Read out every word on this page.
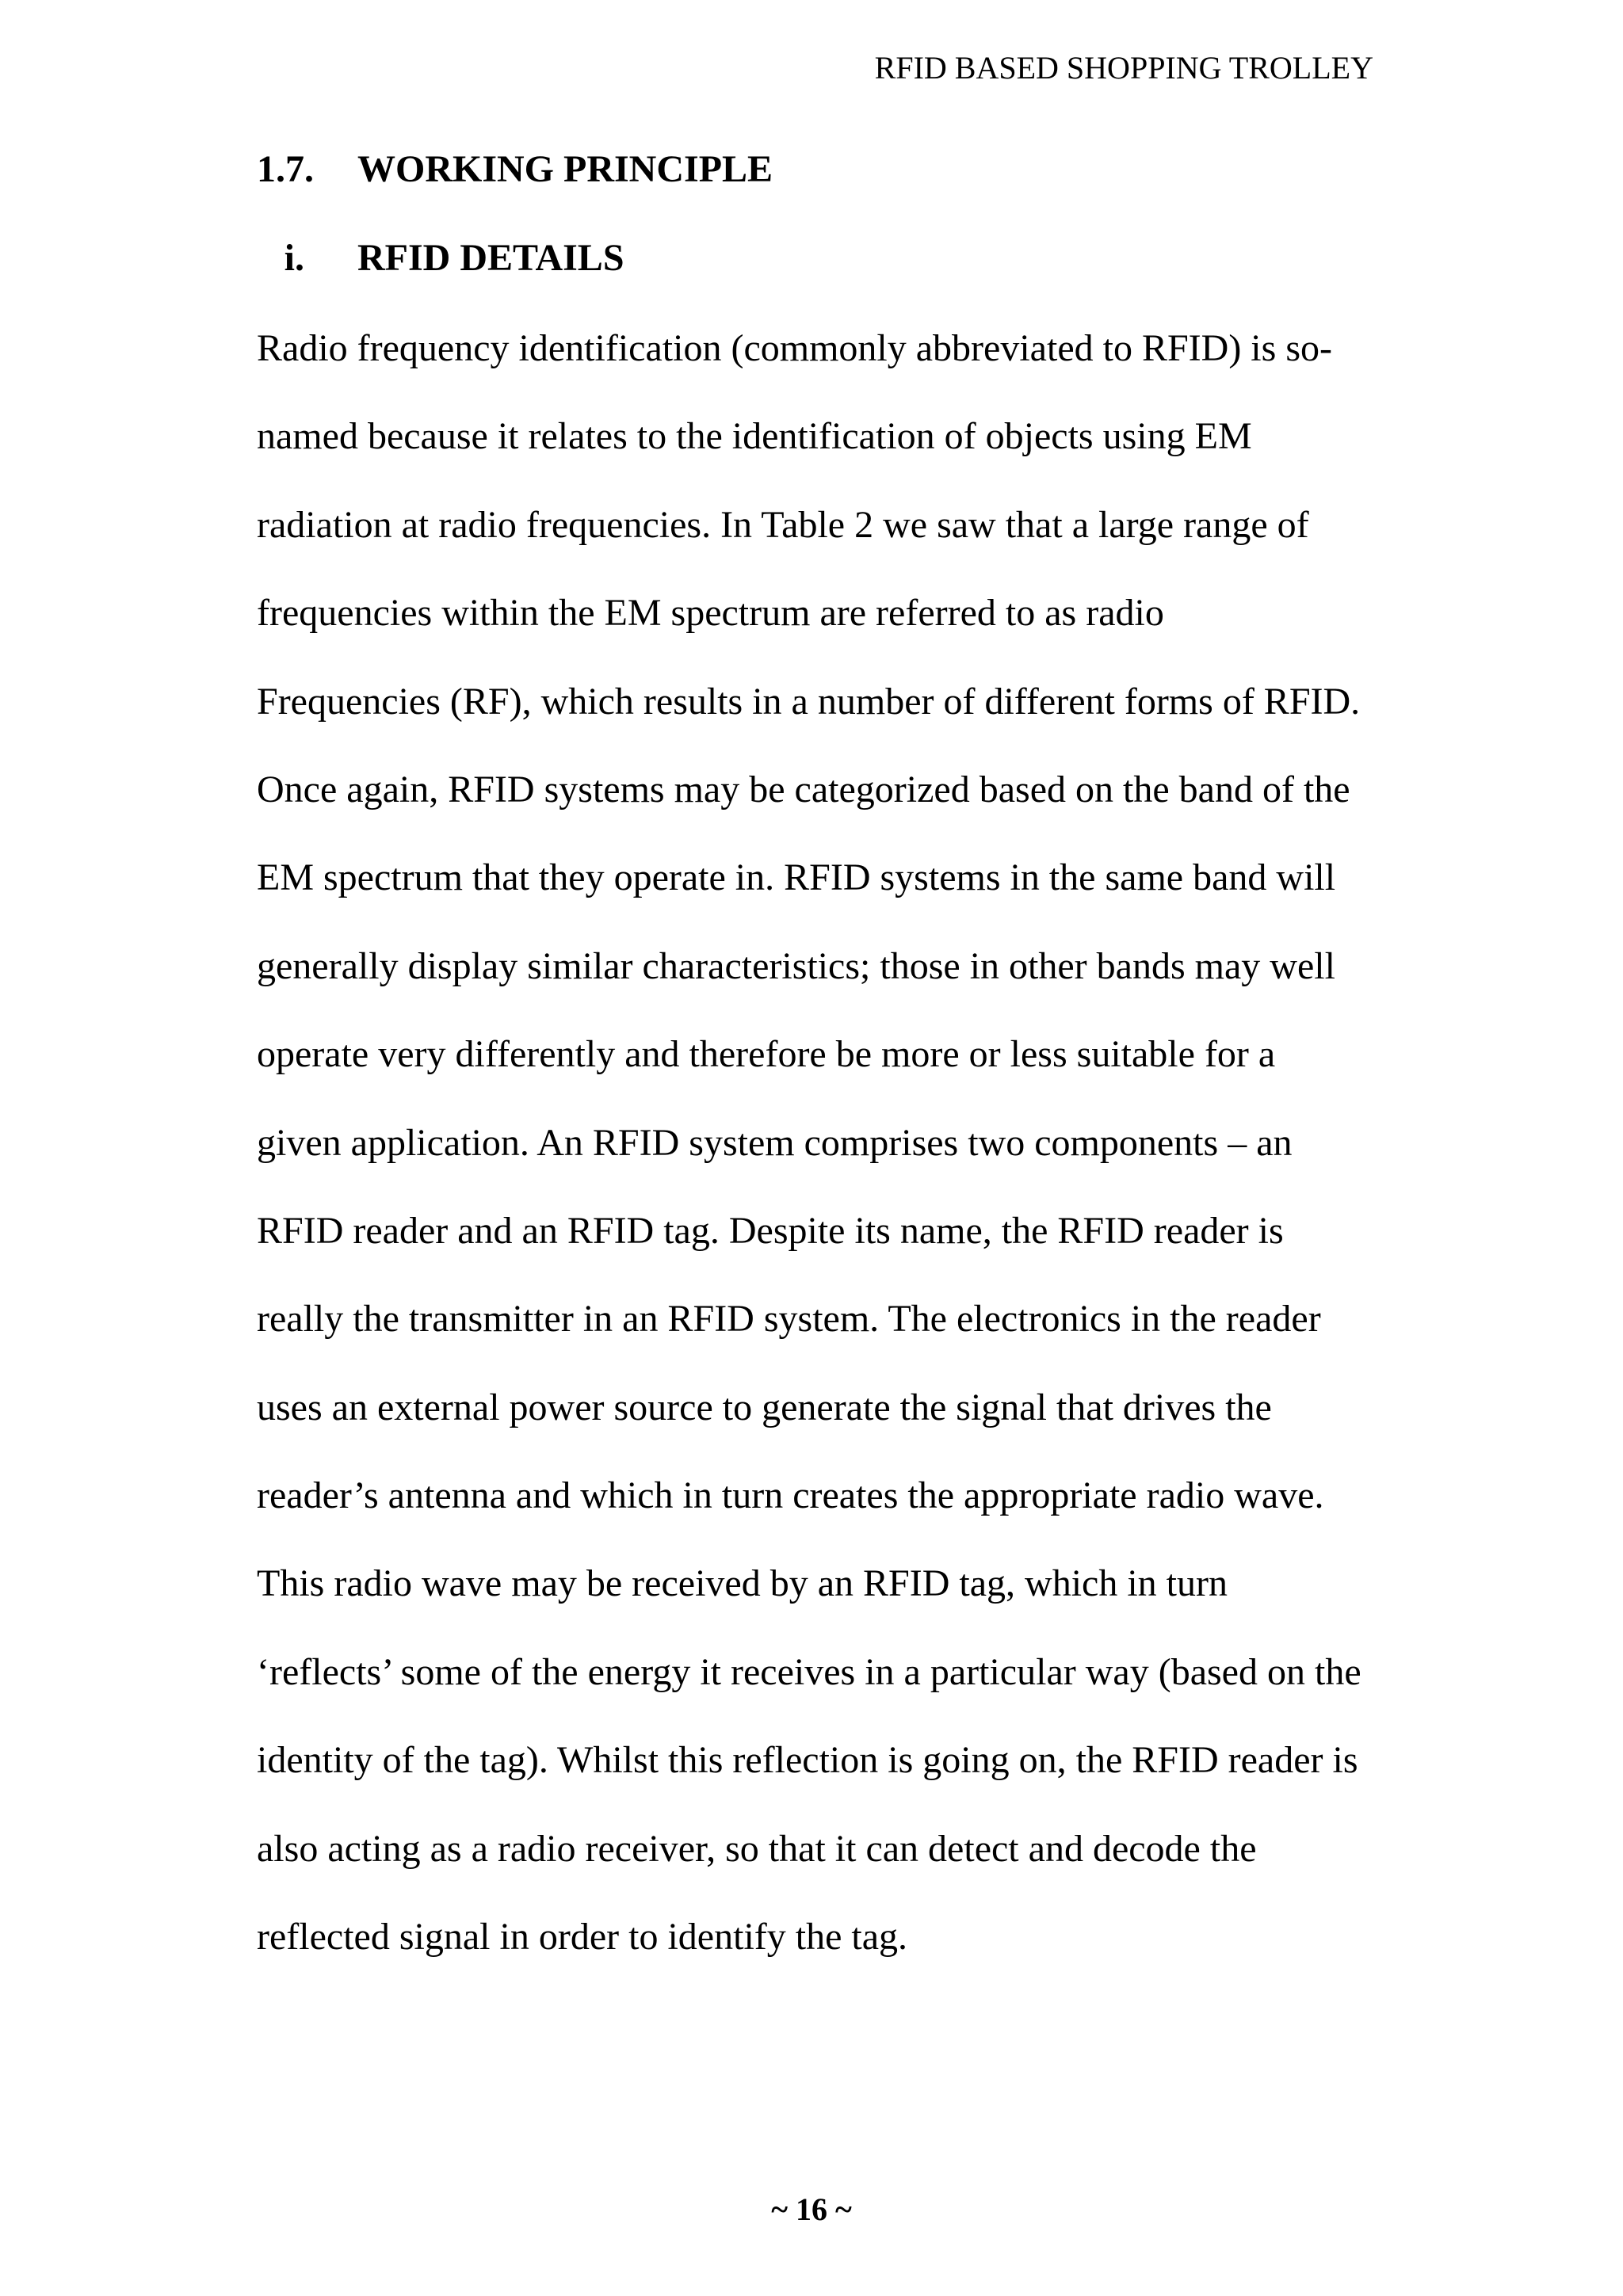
RFID BASED SHOPPING TROLLEY
1.7. WORKING PRINCIPLE
i. RFID DETAILS
Radio frequency identification (commonly abbreviated to RFID) is so-
named because it relates to the identification of objects using EM
radiation at radio frequencies. In Table 2 we saw that a large range of
frequencies within the EM spectrum are referred to as radio
Frequencies (RF), which results in a number of different forms of RFID.
Once again, RFID systems may be categorized based on the band of the
EM spectrum that they operate in. RFID systems in the same band will
generally display similar characteristics; those in other bands may well
operate very differently and therefore be more or less suitable for a
given application. An RFID system comprises two components – an
RFID reader and an RFID tag. Despite its name, the RFID reader is
really the transmitter in an RFID system. The electronics in the reader
uses an external power source to generate the signal that drives the
reader’s antenna and which in turn creates the appropriate radio wave.
This radio wave may be received by an RFID tag, which in turn
‘reflects’ some of the energy it receives in a particular way (based on the
identity of the tag). Whilst this reflection is going on, the RFID reader is
also acting as a radio receiver, so that it can detect and decode the
reflected signal in order to identify the tag.
~ 16 ~
